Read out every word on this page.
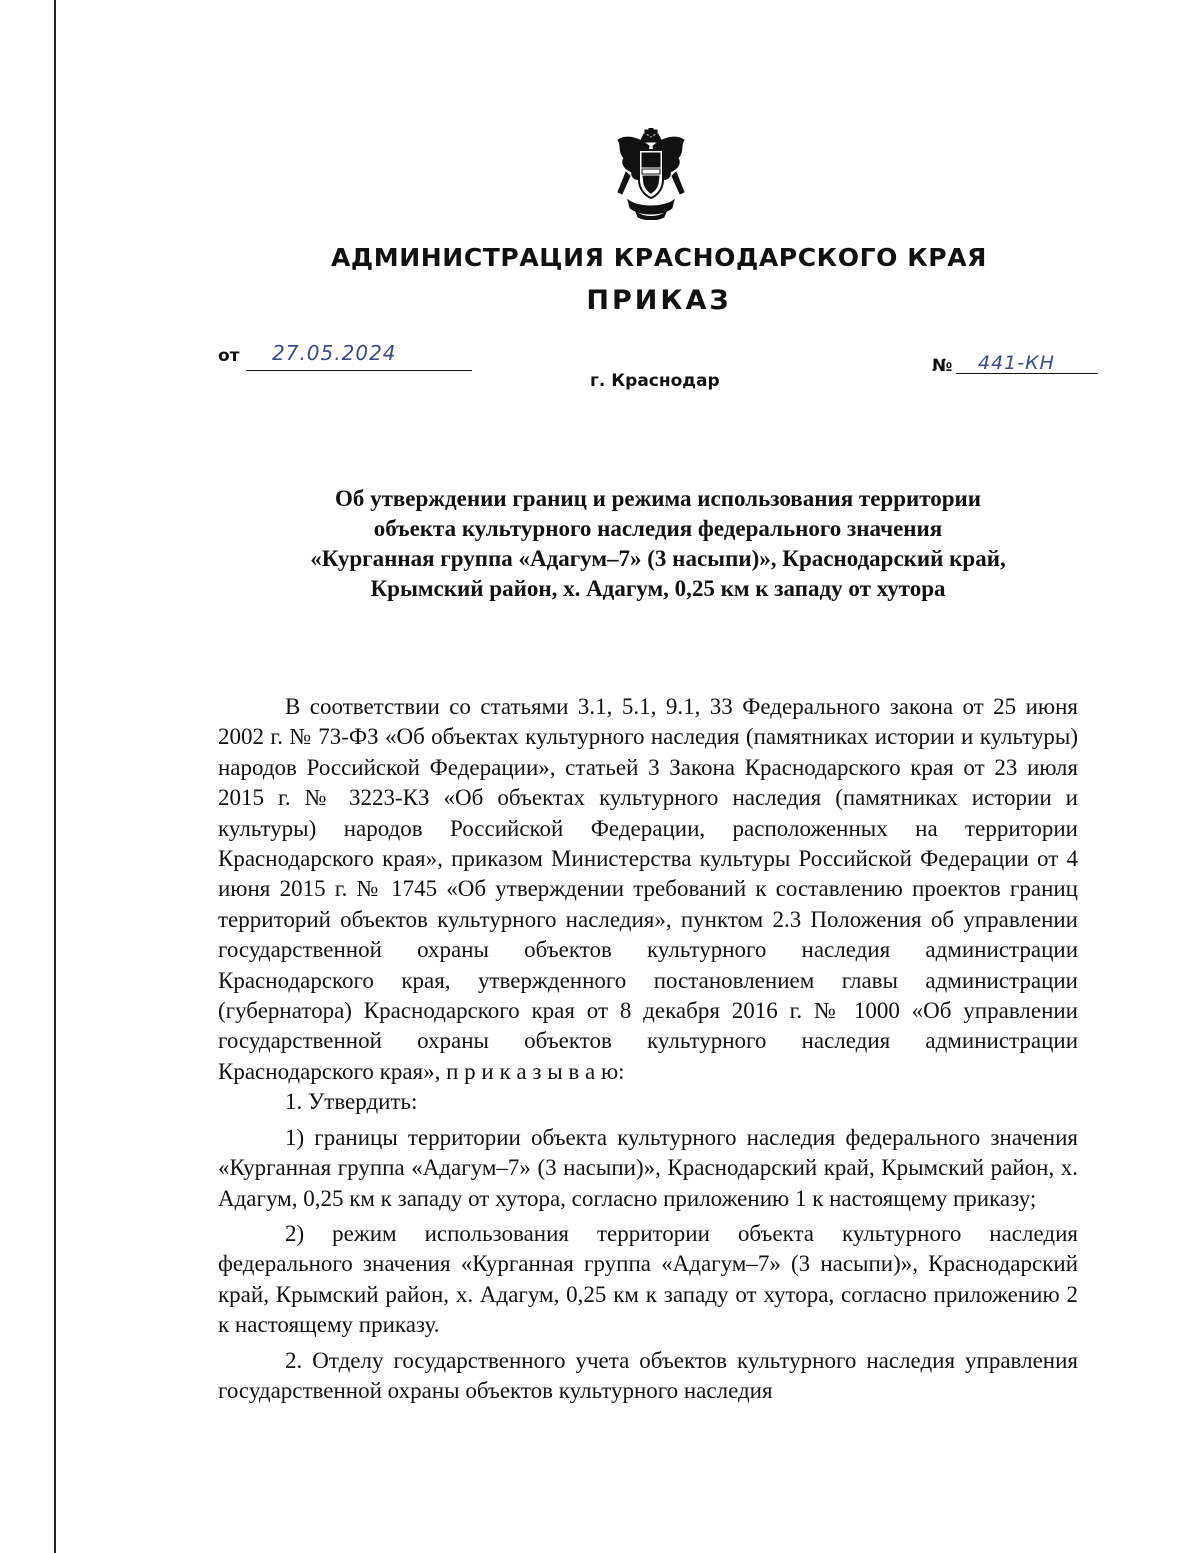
АДМИНИСТРАЦИЯ КРАСНОДАРСКОГО КРАЯ
ПРИКАЗ
от 27.05.2024
г. Краснодар
№ 441-КН
Об утверждении границ и режима использования территории
объекта культурного наследия федерального значения
«Курганная группа «Адагум–7» (3 насыпи)», Краснодарский край,
Крымский район, х. Адагум, 0,25 км к западу от хутора

В соответствии со статьями 3.1, 5.1, 9.1, 33 Федерального закона от 25 июня 2002 г. № 73-ФЗ «Об объектах культурного наследия (памятниках истории и культуры) народов Российской Федерации», статьей 3 Закона Краснодарского края от 23 июля 2015 г. № 3223-КЗ «Об объектах культурного наследия (памятниках истории и культуры) народов Российской Федерации, расположенных на территории Краснодарского края», приказом Министерства культуры Российской Федерации от 4 июня 2015 г. № 1745 «Об утверждении требований к составлению проектов границ территорий объектов культурного наследия», пунктом 2.3 Положения об управлении государственной охраны объектов культурного наследия администрации Краснодарского края, утвержденного постановлением главы администрации (губернатора) Краснодарского края от 8 декабря 2016 г. № 1000 «Об управлении государственной охраны объектов культурного наследия администрации Краснодарского края», п р и к а з ы в а ю:

1. Утвердить:

1) границы территории объекта культурного наследия федерального значения «Курганная группа «Адагум–7» (3 насыпи)», Краснодарский край, Крымский район, х. Адагум, 0,25 км к западу от хутора, согласно приложению 1 к настоящему приказу;

2) режим использования территории объекта культурного наследия федерального значения «Курганная группа «Адагум–7» (3 насыпи)», Краснодарский край, Крымский район, х. Адагум, 0,25 км к западу от хутора, согласно приложению 2 к настоящему приказу.

2. Отделу государственного учета объектов культурного наследия управления государственной охраны объектов культурного наследия
